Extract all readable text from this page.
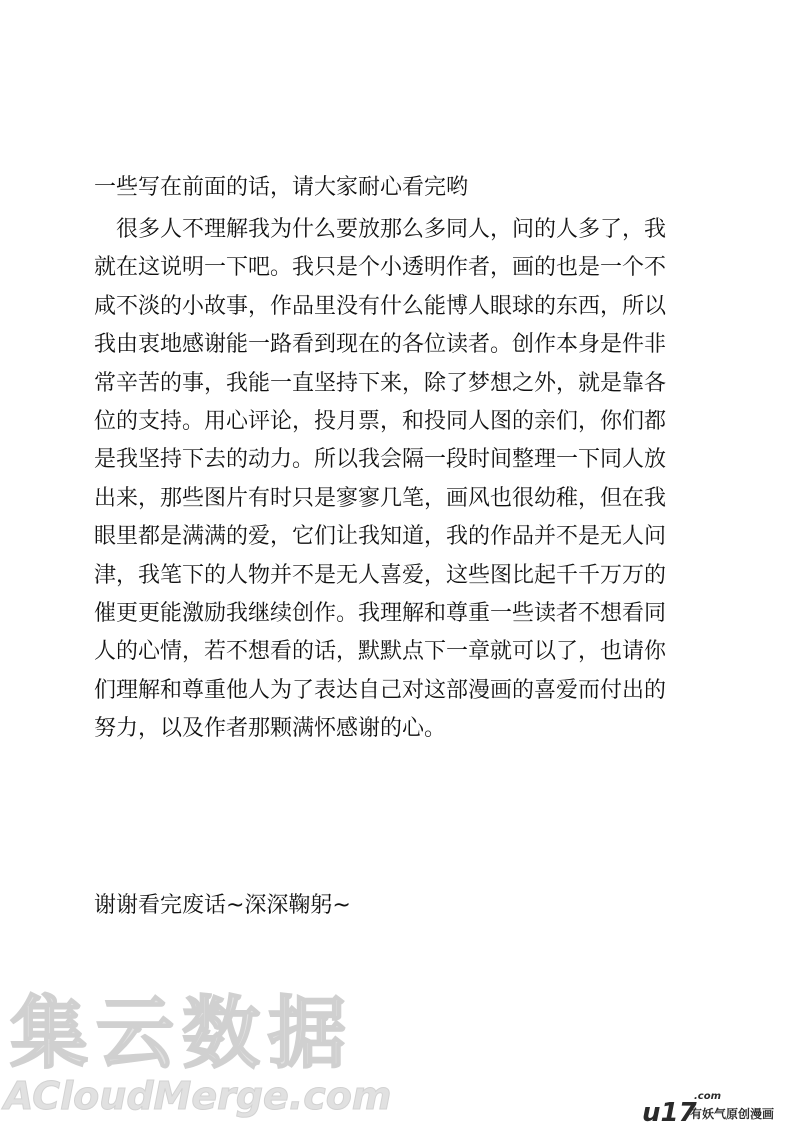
一些写在前面的话，请大家耐心看完哟
　很多人不理解我为什么要放那么多同人，问的人多了，我
就在这说明一下吧。我只是个小透明作者，画的也是一个不
咸不淡的小故事，作品里没有什么能博人眼球的东西，所以
我由衷地感谢能一路看到现在的各位读者。创作本身是件非
常辛苦的事，我能一直坚持下来，除了梦想之外，就是靠各
位的支持。用心评论，投月票，和投同人图的亲们，你们都
是我坚持下去的动力。所以我会隔一段时间整理一下同人放
出来，那些图片有时只是寥寥几笔，画风也很幼稚，但在我
眼里都是满满的爱，它们让我知道，我的作品并不是无人问
津，我笔下的人物并不是无人喜爱，这些图比起千千万万的
催更更能激励我继续创作。我理解和尊重一些读者不想看同
人的心情，若不想看的话，默默点下一章就可以了，也请你
们理解和尊重他人为了表达自己对这部漫画的喜爱而付出的
努力，以及作者那颗满怀感谢的心。
谢谢看完废话~深深鞠躬~
集云数据
ACloudMerge.com	u17
.com
有妖气原创漫画
